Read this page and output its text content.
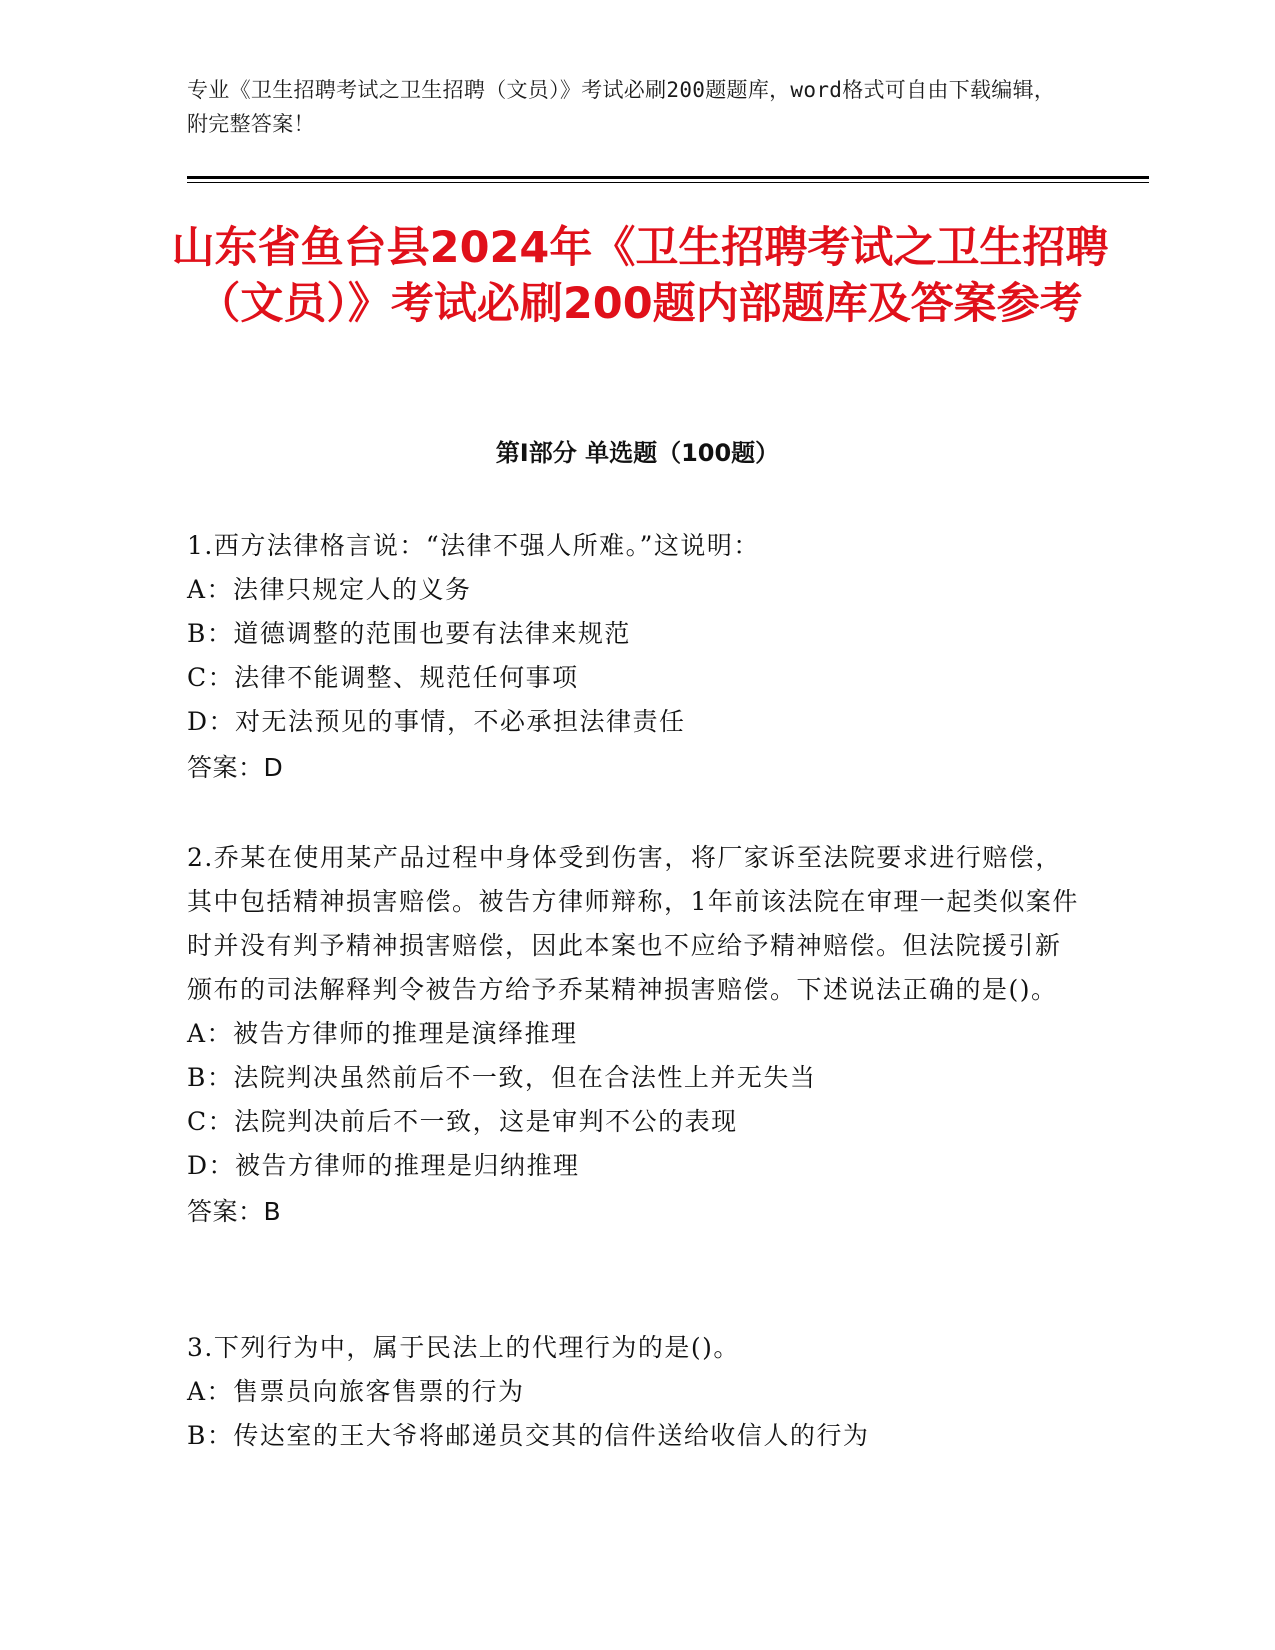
专业《卫生招聘考试之卫生招聘（文员）》考试必刷200题题库，word格式可自由下载编辑，附完整答案！
山东省鱼台县2024年《卫生招聘考试之卫生招聘（文员）》考试必刷200题内部题库及答案参考
第Ⅰ部分 单选题（100题）
1.西方法律格言说：“法律不强人所难。”这说明：
A：法律只规定人的义务
B：道德调整的范围也要有法律来规范
C：法律不能调整、规范任何事项
D：对无法预见的事情，不必承担法律责任
答案：D
2.乔某在使用某产品过程中身体受到伤害，将厂家诉至法院要求进行赔偿，其中包括精神损害赔偿。被告方律师辩称，1年前该法院在审理一起类似案件时并没有判予精神损害赔偿，因此本案也不应给予精神赔偿。但法院援引新颁布的司法解释判令被告方给予乔某精神损害赔偿。下述说法正确的是()。
A：被告方律师的推理是演绎推理
B：法院判决虽然前后不一致，但在合法性上并无失当
C：法院判决前后不一致，这是审判不公的表现
D：被告方律师的推理是归纳推理
答案：B
3.下列行为中，属于民法上的代理行为的是()。
A：售票员向旅客售票的行为
B：传达室的王大爷将邮递员交其的信件送给收信人的行为
